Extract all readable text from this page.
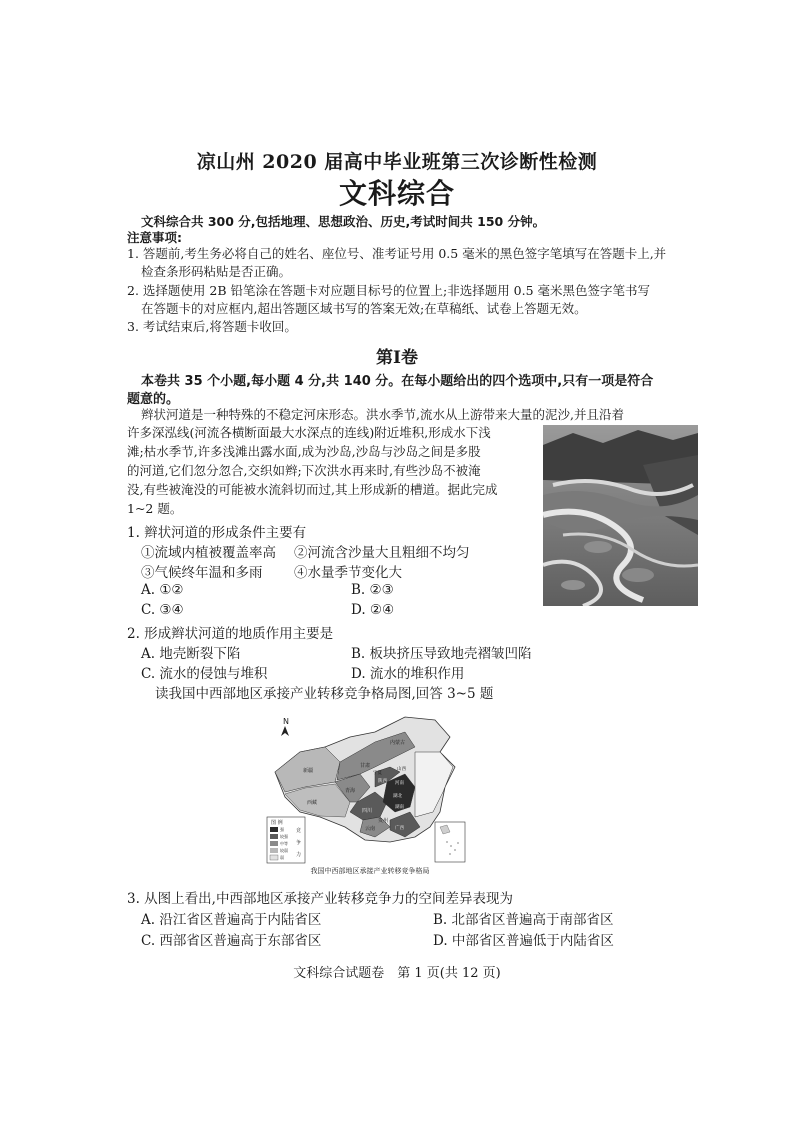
凉山州 2020 届高中毕业班第三次诊断性检测
文科综合
文科综合共 300 分,包括地理、思想政治、历史,考试时间共 150 分钟。
注意事项:
1. 答题前,考生务必将自己的姓名、座位号、准考证号用 0.5 毫米的黑色签字笔填写在答题卡上,并
检查条形码粘贴是否正确。
2. 选择题使用 2B 铅笔涂在答题卡对应题目标号的位置上;非选择题用 0.5 毫米黑色签字笔书写
在答题卡的对应框内,超出答题区域书写的答案无效;在草稿纸、试卷上答题无效。
3. 考试结束后,将答题卡收回。
第Ⅰ卷
本卷共 35 个小题,每小题 4 分,共 140 分。在每小题给出的四个选项中,只有一项是符合
题意的。
辫状河道是一种特殊的不稳定河床形态。洪水季节,流水从上游带来大量的泥沙,并且沿着
许多深泓线(河流各横断面最大水深点的连线)附近堆积,形成水下浅
滩;枯水季节,许多浅滩出露水面,成为沙岛,沙岛与沙岛之间是多股
的河道,它们忽分忽合,交织如辫;下次洪水再来时,有些沙岛不被淹
没,有些被淹没的可能被水流斜切而过,其上形成新的槽道。据此完成
1~2 题。
1. 辫状河道的形成条件主要有
①流域内植被覆盖率高 ②河流含沙量大且粗细不均匀
③气候终年温和多雨 ④水量季节变化大
A. ①②	B. ②③
C. ③④	D. ②④
2. 形成辫状河道的地质作用主要是
A. 地壳断裂下陷	B. 板块挤压导致地壳褶皱凹陷
C. 流水的侵蚀与堆积	D. 流水的堆积作用
读我国中西部地区承接产业转移竞争格局图,回答 3~5 题
N
新疆
西藏
青海
甘肃
内蒙古
四川
云南
贵州
宁夏
山西
河南
湖北
湖南
广西
陕西
图 例
强
较强
中等
较弱
弱
竞
争
力
我国中西部地区承接产业转移竞争格局
3. 从图上看出,中西部地区承接产业转移竞争力的空间差异表现为
A. 沿江省区普遍高于内陆省区	B. 北部省区普遍高于南部省区
C. 西部省区普遍高于东部省区	D. 中部省区普遍低于内陆省区
文科综合试题卷　第 1 页(共 12 页)
